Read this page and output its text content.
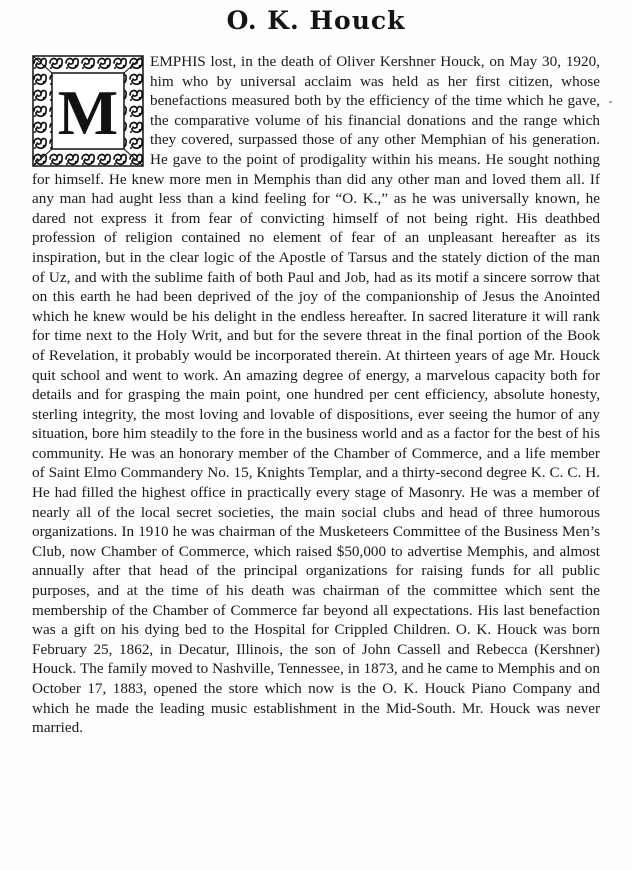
O. K. Houck
M
EMPHIS lost, in the death of Oliver Kershner Houck, on May 30, 1920, him who by universal acclaim was held as her first citizen, whose benefactions measured both by the efficiency of the time which he gave, the comparative volume of his financial donations and the range which they covered, surpassed those of any other Memphian of his generation. He gave to the point of prodigality within his means. He sought nothing for himself. He knew more men in Memphis than did any other man and loved them all. If any man had aught less than a kind feeling for “O. K.,” as he was universally known, he dared not express it from fear of convicting himself of not being right. His deathbed profession of religion contained no element of fear of an unpleasant hereafter as its inspiration, but in the clear logic of the Apostle of Tarsus and the stately diction of the man of Uz, and with the sublime faith of both Paul and Job, had as its motif a sincere sorrow that on this earth he had been deprived of the joy of the companionship of Jesus the Anointed which he knew would be his delight in the endless hereafter. In sacred literature it will rank for time next to the Holy Writ, and but for the severe threat in the final portion of the Book of Revelation, it probably would be incorporated therein. At thirteen years of age Mr. Houck quit school and went to work. An amazing degree of energy, a marvelous capacity both for details and for grasping the main point, one hundred per cent efficiency, absolute honesty, sterling integrity, the most loving and lovable of dispositions, ever seeing the humor of any situation, bore him steadily to the fore in the business world and as a factor for the best of his community. He was an honorary member of the Chamber of Commerce, and a life member of Saint Elmo Commandery No. 15, Knights Templar, and a thirty-second degree K. C. C. H. He had filled the highest office in practically every stage of Masonry. He was a member of nearly all of the local secret societies, the main social clubs and head of three humorous organizations. In 1910 he was chairman of the Musketeers Committee of the Business Men’s Club, now Chamber of Commerce, which raised $50,000 to advertise Memphis, and almost annually after that head of the principal organizations for raising funds for all public purposes, and at the time of his death was chairman of the committee which sent the membership of the Chamber of Commerce far beyond all expectations. His last benefaction was a gift on his dying bed to the Hospital for Crippled Children. O. K. Houck was born February 25, 1862, in Decatur, Illinois, the son of John Cassell and Rebecca (Kershner) Houck. The family moved to Nashville, Tennessee, in 1873, and he came to Memphis and on October 17, 1883, opened the store which now is the O. K. Houck Piano Company and which he made the leading music establishment in the Mid-South. Mr. Houck was never married.
